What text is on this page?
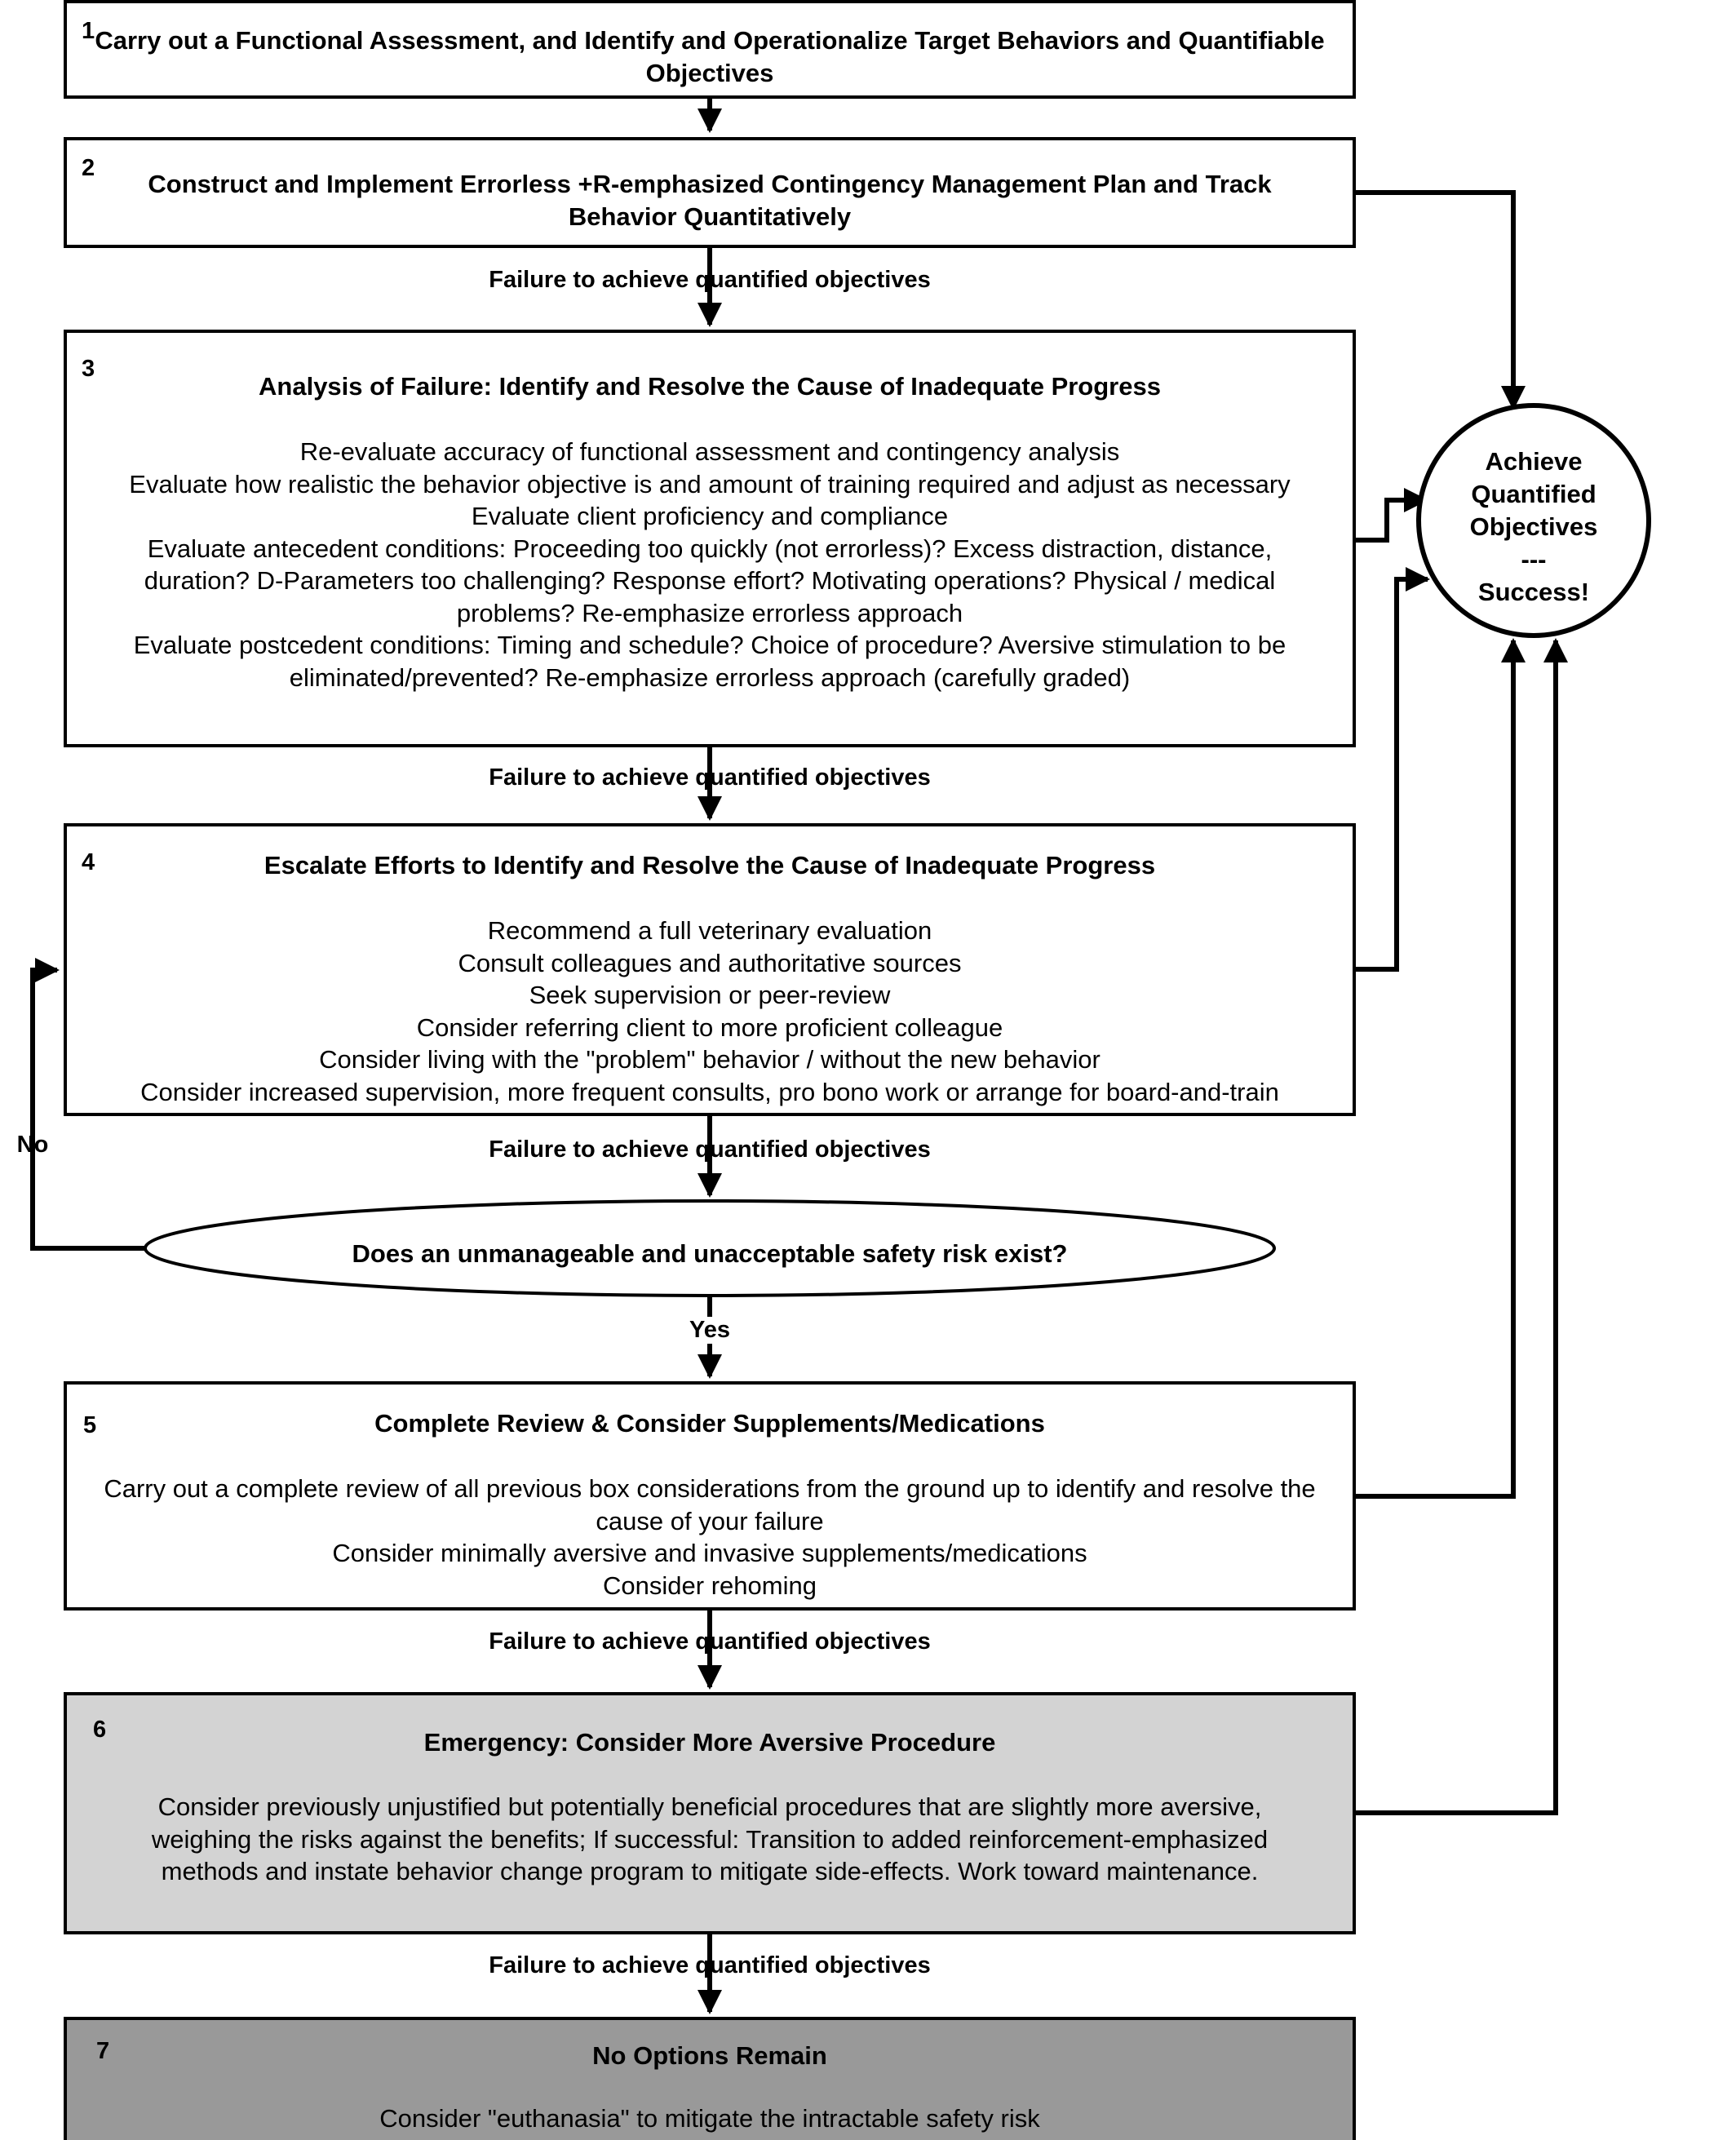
1 Carry out a Functional Assessment, and Identify and Operationalize Target Behaviors and Quantifiable Objectives
2
Construct and Implement Errorless +R-emphasized Contingency Management Plan and Track Behavior Quantitatively
3
Analysis of Failure: Identify and Resolve the Cause of Inadequate Progress
Re-evaluate accuracy of functional assessment and contingency analysis
Evaluate how realistic the behavior objective is and amount of training required and adjust as necessary
Evaluate client proficiency and compliance
Evaluate antecedent conditions: Proceeding too quickly (not errorless)? Excess distraction, distance, duration? D-Parameters too challenging? Response effort? Motivating operations? Physical / medical problems? Re-emphasize errorless approach
Evaluate postcedent conditions: Timing and schedule? Choice of procedure? Aversive stimulation to be eliminated/prevented? Re-emphasize errorless approach (carefully graded)
4	Escalate Efforts to Identify and Resolve the Cause of Inadequate Progress
Recommend a full veterinary evaluation
Consult colleagues and authoritative sources
Seek supervision or peer-review
Consider referring client to more proficient colleague
Consider living with the "problem" behavior / without the new behavior
Consider increased supervision, more frequent consults, pro bono work or arrange for board-and-train
5	Complete Review & Consider Supplements/Medications
Carry out a complete review of all previous box considerations from the ground up to identify and resolve the cause of your failure
Consider minimally aversive and invasive supplements/medications
Consider rehoming
6	Emergency: Consider More Aversive Procedure
Consider previously unjustified but potentially beneficial procedures that are slightly more aversive, weighing the risks against the benefits; If successful: Transition to added reinforcement-emphasized methods and instate behavior change program to mitigate side-effects. Work toward maintenance.
7	No Options Remain
Consider "euthanasia" to mitigate the intractable safety risk
Failure to achieve quantified objectives
Failure to achieve quantified objectives
Failure to achieve quantified objectives
Failure to achieve quantified objectives
Failure to achieve quantified objectives
Does an unmanageable and unacceptable safety risk exist?
No
Yes
Achieve
Quantified
Objectives
---
Success!
